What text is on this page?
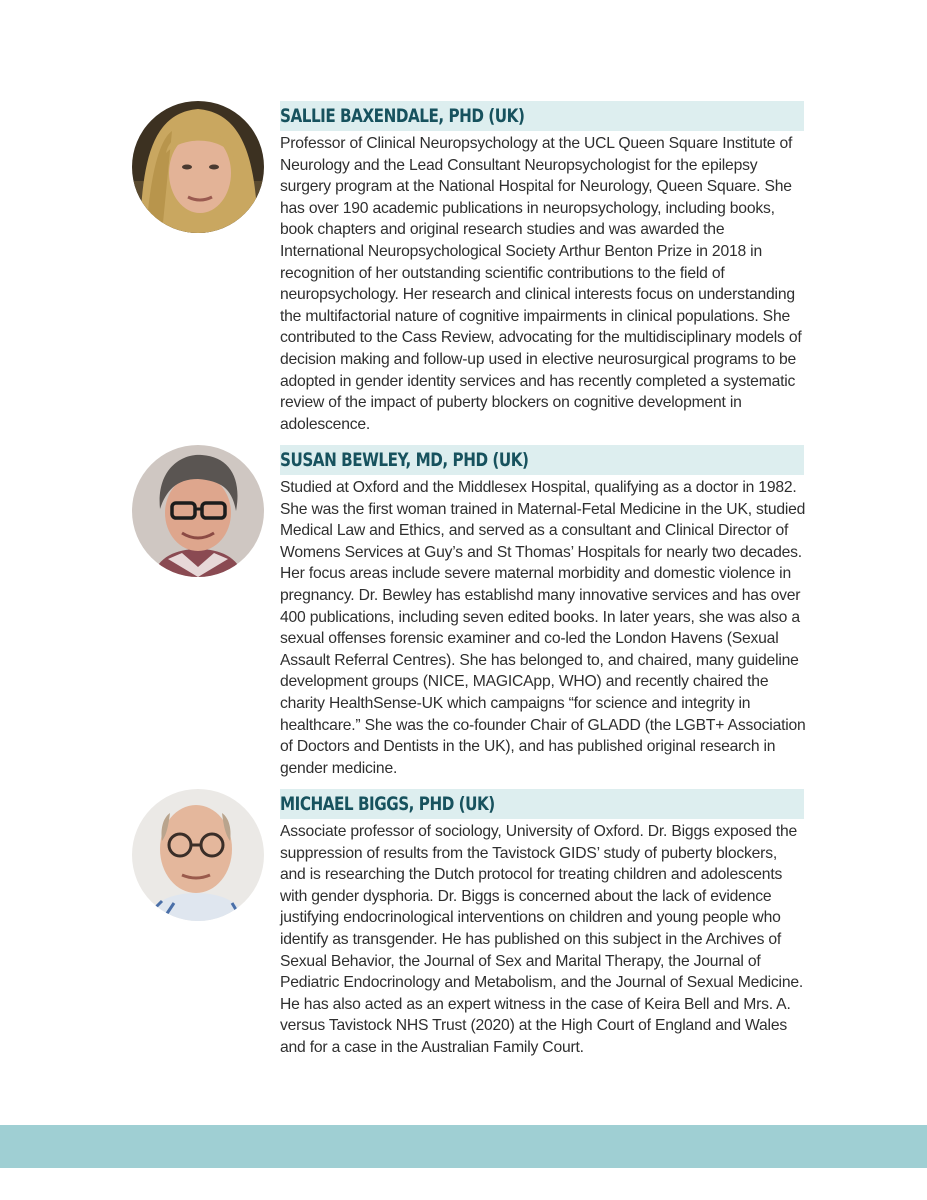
SALLIE BAXENDALE, PHD (UK)

Professor of Clinical Neuropsychology at the UCL Queen Square Institute of Neurology and the Lead Consultant Neuropsychologist for the epilepsy surgery program at the National Hospital for Neurology, Queen Square. She has over 190 academic publications in neuropsychology, including books, book chapters and original research studies and was awarded the International Neuropsychological Society Arthur Benton Prize in 2018 in recognition of her outstanding scientific contributions to the field of neuropsychology. Her research and clinical interests focus on understanding the multifactorial nature of cognitive impairments in clinical populations. She contributed to the Cass Review, advocating for the multidisciplinary models of decision making and follow-up used in elective neurosurgical programs to be adopted in gender identity services and has recently completed a systematic review of the impact of puberty blockers on cognitive development in adolescence.

SUSAN BEWLEY, MD, PHD (UK)

Studied at Oxford and the Middlesex Hospital, qualifying as a doctor in 1982. She was the first woman trained in Maternal-Fetal Medicine in the UK, studied Medical Law and Ethics, and served as a consultant and Clinical Director of Womens Services at Guy’s and St Thomas’ Hospitals for nearly two decades. Her focus areas include severe maternal morbidity and domestic violence in pregnancy. Dr. Bewley has establishd many innovative services and has over 400 publications, including seven edited books. In later years, she was also a sexual offenses forensic examiner and co-led the London Havens (Sexual Assault Referral Centres). She has belonged to, and chaired, many guideline development groups (NICE, MAGICApp, WHO) and recently chaired the charity HealthSense-UK which campaigns “for science and integrity in healthcare.” She was the co-founder Chair of GLADD (the LGBT+ Association of Doctors and Dentists in the UK), and has published original research in gender medicine.

MICHAEL BIGGS, PHD (UK)

Associate professor of sociology, University of Oxford. Dr. Biggs exposed the suppression of results from the Tavistock GIDS’ study of puberty blockers, and is researching the Dutch protocol for treating children and adolescents with gender dysphoria. Dr. Biggs is concerned about the lack of evidence justifying endocrinological interventions on children and young people who identify as transgender. He has published on this subject in the Archives of Sexual Behavior, the Journal of Sex and Marital Therapy, the Journal of Pediatric Endocrinology and Metabolism, and the Journal of Sexual Medicine. He has also acted as an expert witness in the case of Keira Bell and Mrs. A. versus Tavistock NHS Trust (2020) at the High Court of England and Wales and for a case in the Australian Family Court.
